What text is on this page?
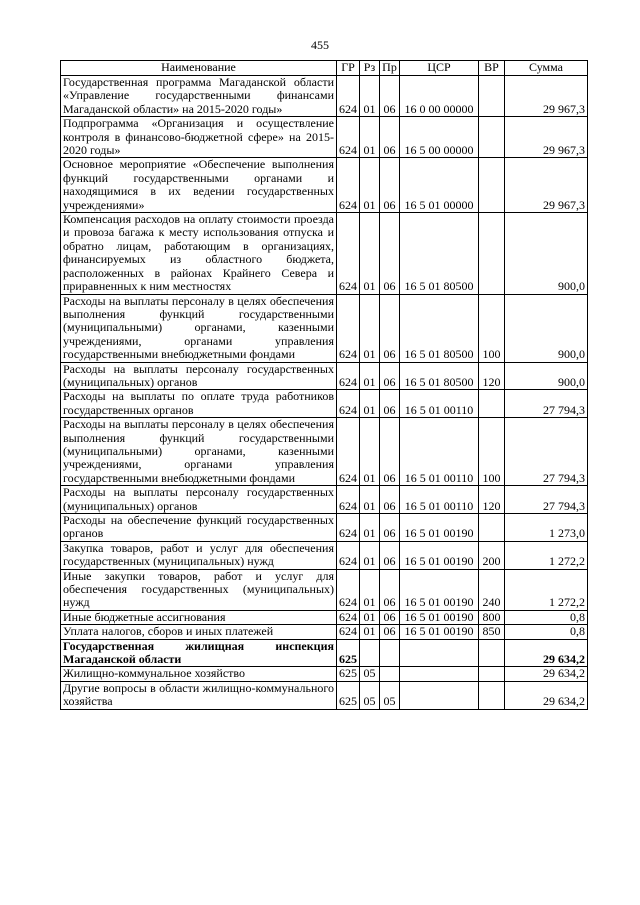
455
Наименование	ГР	Рз	Пр	ЦСР	ВР	Сумма
Государственная программа Магаданской области «Управление государственными финансами Магаданской области» на 2015-2020 годы»	624	01	06	16 0 00 00000		29 967,3
Подпрограмма «Организация и осуществление контроля в финансово-бюджетной сфере» на 2015-2020 годы»	624	01	06	16 5 00 00000		29 967,3
Основное мероприятие «Обеспечение выполнения функций государственными органами и находящимися в их ведении государственных учреждениями»	624	01	06	16 5 01 00000		29 967,3
Компенсация расходов на оплату стоимости проезда и провоза багажа к месту использования отпуска и обратно лицам, работающим в организациях, финансируемых из областного бюджета, расположенных в районах Крайнего Севера и приравненных к ним местностях	624	01	06	16 5 01 80500		900,0
Расходы на выплаты персоналу в целях обеспечения выполнения функций государственными (муниципальными) органами, казенными учреждениями, органами управления государственными внебюджетными фондами	624	01	06	16 5 01 80500	100	900,0
Расходы на выплаты персоналу государственных (муниципальных) органов	624	01	06	16 5 01 80500	120	900,0
Расходы на выплаты по оплате труда работников государственных органов	624	01	06	16 5 01 00110		27 794,3
Расходы на выплаты персоналу в целях обеспечения выполнения функций государственными (муниципальными) органами, казенными учреждениями, органами управления государственными внебюджетными фондами	624	01	06	16 5 01 00110	100	27 794,3
Расходы на выплаты персоналу государственных (муниципальных) органов	624	01	06	16 5 01 00110	120	27 794,3
Расходы на обеспечение функций государственных органов	624	01	06	16 5 01 00190		1 273,0
Закупка товаров, работ и услуг для обеспечения государственных (муниципальных) нужд	624	01	06	16 5 01 00190	200	1 272,2
Иные закупки товаров, работ и услуг для обеспечения государственных (муниципальных) нужд	624	01	06	16 5 01 00190	240	1 272,2
Иные бюджетные ассигнования	624	01	06	16 5 01 00190	800	0,8
Уплата налогов, сборов и иных платежей	624	01	06	16 5 01 00190	850	0,8
Государственная жилищная инспекция Магаданской области	625					29 634,2
Жилищно-коммунальное хозяйство	625	05				29 634,2
Другие вопросы в области жилищно-коммунального хозяйства	625	05	05			29 634,2
